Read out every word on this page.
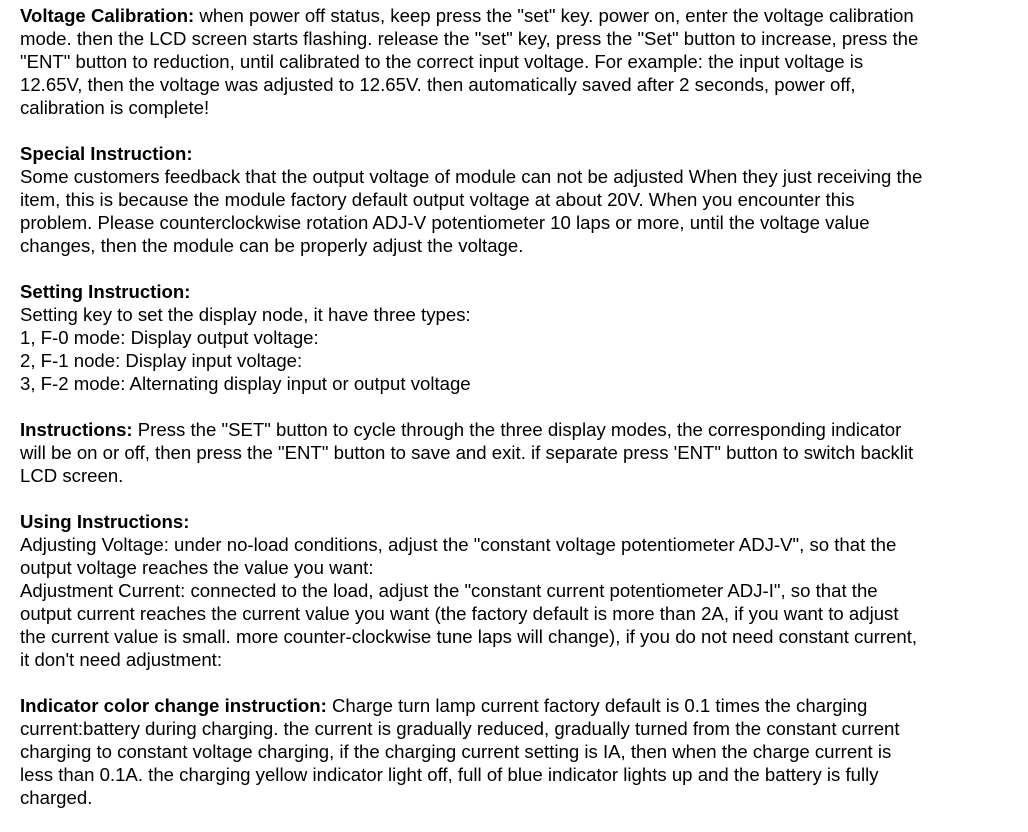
Voltage Calibration: when power off status, keep press the "set" key. power on, enter the voltage calibration
mode. then the LCD screen starts flashing. release the "set" key, press the "Set" button to increase, press the
"ENT" button to reduction, until calibrated to the correct input voltage. For example: the input voltage is
12.65V, then the voltage was adjusted to 12.65V. then automatically saved after 2 seconds, power off,
calibration is complete!
Special Instruction:
Some customers feedback that the output voltage of module can not be adjusted When they just receiving the
item, this is because the module factory default output voltage at about 20V. When you encounter this
problem. Please counterclockwise rotation ADJ-V potentiometer 10 laps or more, until the voltage value
changes, then the module can be properly adjust the voltage.
Setting Instruction:
Setting key to set the display node, it have three types:
1, F-0 mode: Display output voltage:
2, F-1 node: Display input voltage:
3, F-2 mode: Alternating display input or output voltage
Instructions: Press the "SET" button to cycle through the three display modes, the corresponding indicator
will be on or off, then press the "ENT" button to save and exit. if separate press 'ENT" button to switch backlit
LCD screen.
Using Instructions:
Adjusting Voltage: under no-load conditions, adjust the "constant voltage potentiometer ADJ-V", so that the
output voltage reaches the value you want:
Adjustment Current: connected to the load, adjust the "constant current potentiometer ADJ-I", so that the
output current reaches the current value you want (the factory default is more than 2A, if you want to adjust
the current value is small. more counter-clockwise tune laps will change), if you do not need constant current,
it don't need adjustment:
Indicator color change instruction: Charge turn lamp current factory default is 0.1 times the charging
current:battery during charging. the current is gradually reduced, gradually turned from the constant current
charging to constant voltage charging, if the charging current setting is IA, then when the charge current is
less than 0.1A. the charging yellow indicator light off, full of blue indicator lights up and the battery is fully
charged.
